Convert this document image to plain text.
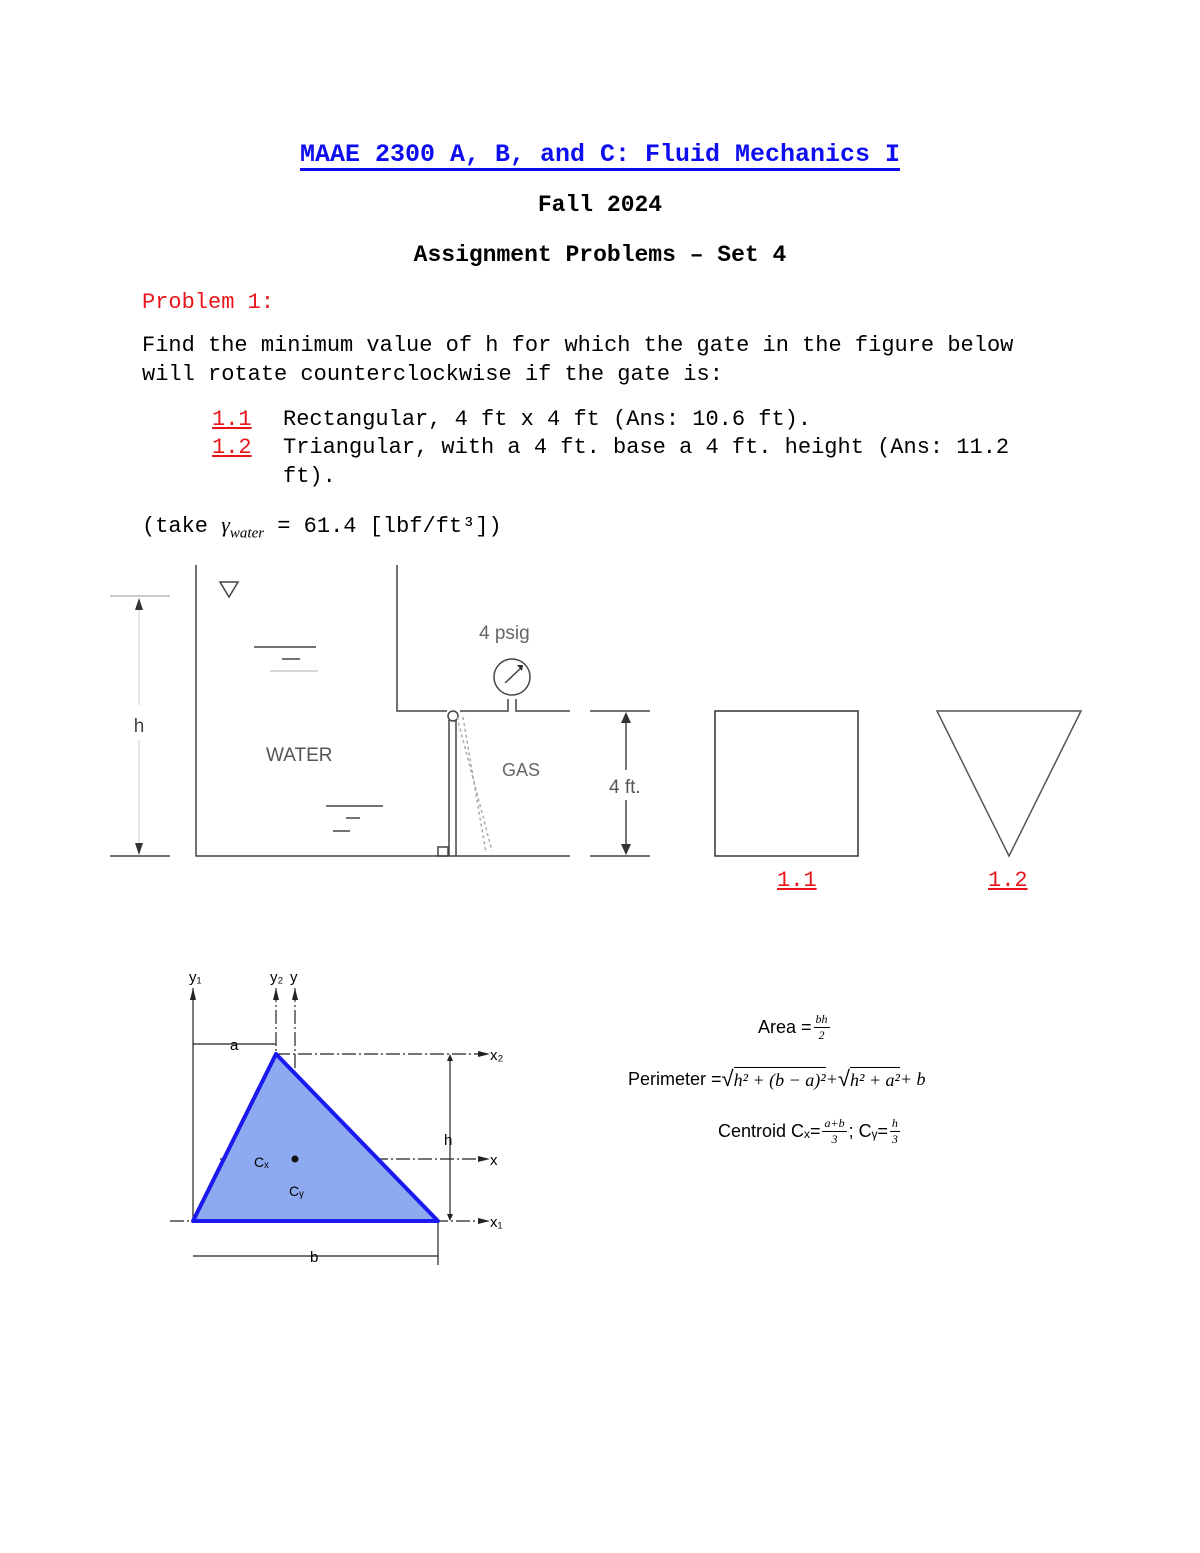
MAAE 2300 A, B, and C: Fluid Mechanics I
Fall 2024
Assignment Problems – Set 4
Problem 1:
Find the minimum value of h for which the gate in the figure below
will rotate counterclockwise if the gate is:
1.1 Rectangular, 4 ft x 4 ft (Ans: 10.6 ft).
1.2 Triangular, with a 4 ft. base a 4 ft. height (Ans: 11.2
ft).
(take $\gamma_{water} = 61.4$ [lbf/ft³])
h
WATER
GAS
4 psig
4 ft.
1.1	1.2
y₁	y₂ y
x₂
x
x₁
a
b
h
Cₓ
Cᵧ
Area = $\frac{bh}{2}$
Perimeter = √ h² + (b − a)² + √ h² + a² + b
Centroid $C_x= \frac{a+b}{3}$ ; Cᵧ= $\frac{h}{3}$
